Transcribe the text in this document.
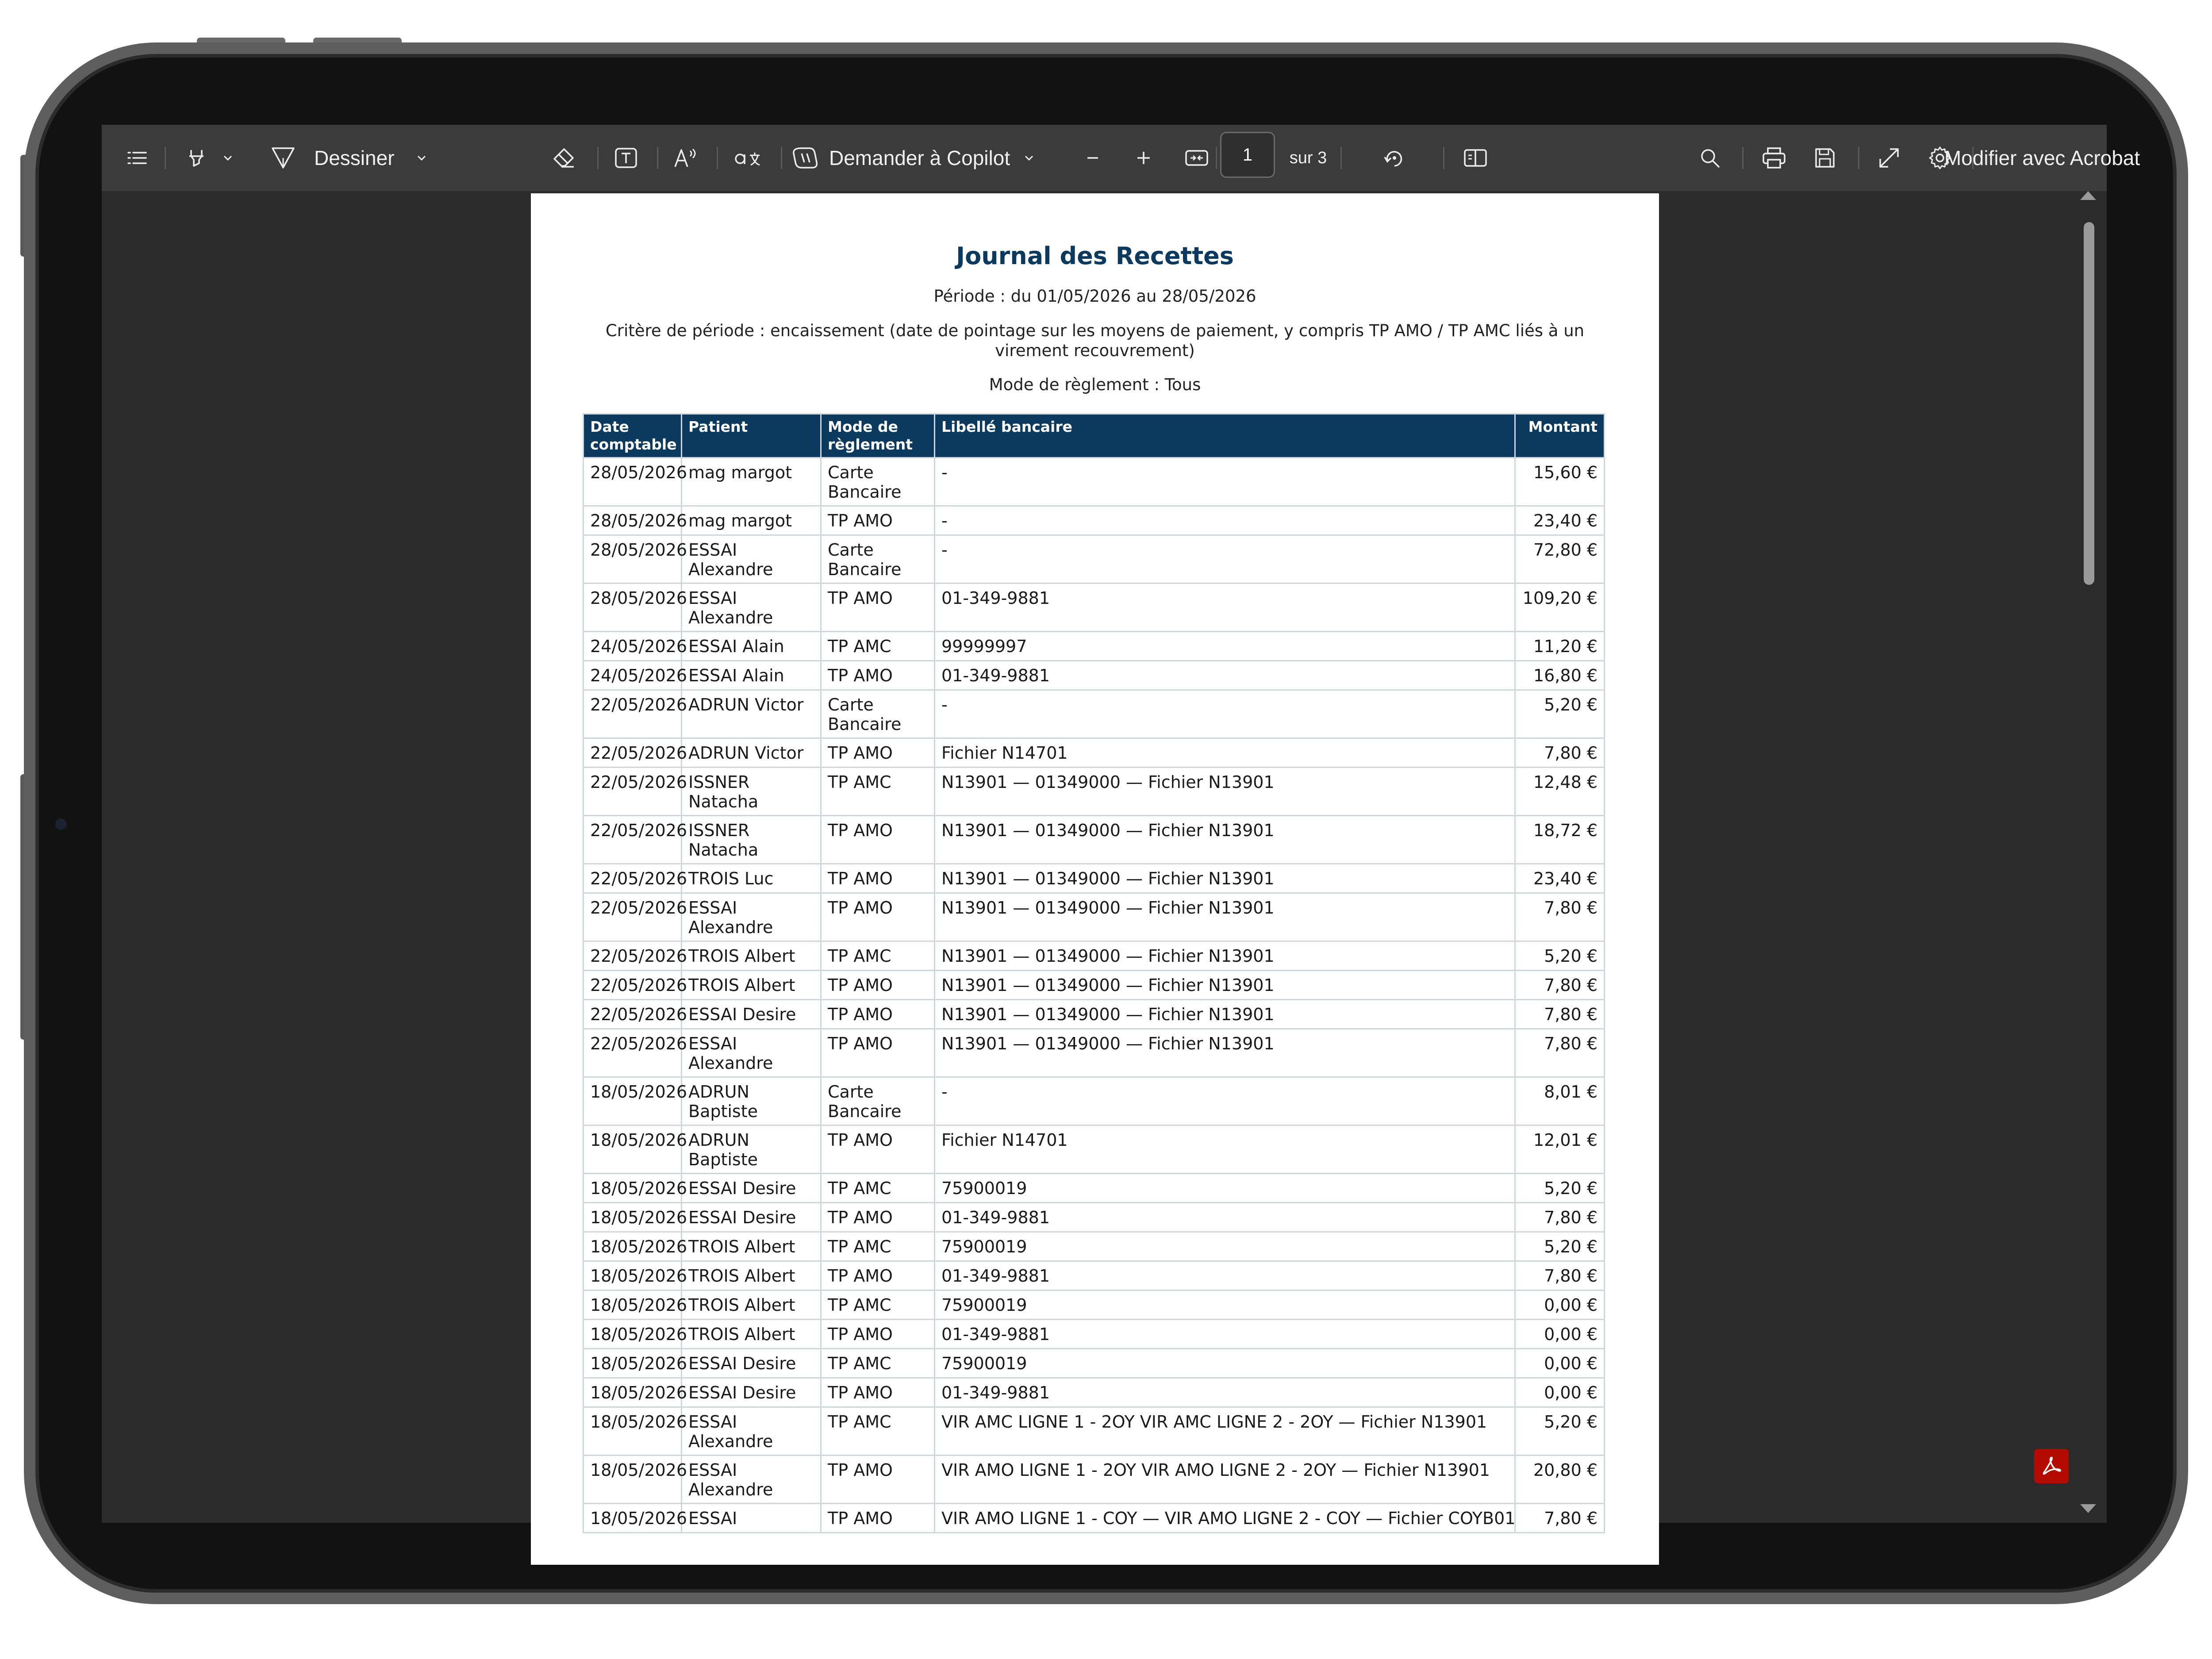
Dessiner	Demander à Copilot	1 sur 3	Modifier avec Acrobat
Journal des Recettes
Période : du 01/05/2026 au 28/05/2026
Critère de période : encaissement (date de pointage sur les moyens de paiement, y compris TP AMO / TP AMC liés à un
virement recouvrement)
Mode de règlement : Tous
Date comptable	Patient	Mode de règlement	Libellé bancaire	Montant
28/05/2026	mag margot	Carte Bancaire	-	15,60 €
28/05/2026	mag margot	TP AMO	-	23,40 €
28/05/2026	ESSAI Alexandre	Carte Bancaire	-	72,80 €
28/05/2026	ESSAI Alexandre	TP AMO	01-349-9881	109,20 €
24/05/2026	ESSAI Alain	TP AMC	99999997	11,20 €
24/05/2026	ESSAI Alain	TP AMO	01-349-9881	16,80 €
22/05/2026	ADRUN Victor	Carte Bancaire	-	5,20 €
22/05/2026	ADRUN Victor	TP AMO	Fichier N14701	7,80 €
22/05/2026	ISSNER Natacha	TP AMC	N13901 — 01349000 — Fichier N13901	12,48 €
22/05/2026	ISSNER Natacha	TP AMO	N13901 — 01349000 — Fichier N13901	18,72 €
22/05/2026	TROIS Luc	TP AMO	N13901 — 01349000 — Fichier N13901	23,40 €
22/05/2026	ESSAI Alexandre	TP AMO	N13901 — 01349000 — Fichier N13901	7,80 €
22/05/2026	TROIS Albert	TP AMC	N13901 — 01349000 — Fichier N13901	5,20 €
22/05/2026	TROIS Albert	TP AMO	N13901 — 01349000 — Fichier N13901	7,80 €
22/05/2026	ESSAI Desire	TP AMO	N13901 — 01349000 — Fichier N13901	7,80 €
22/05/2026	ESSAI Alexandre	TP AMO	N13901 — 01349000 — Fichier N13901	7,80 €
18/05/2026	ADRUN Baptiste	Carte Bancaire	-	8,01 €
18/05/2026	ADRUN Baptiste	TP AMO	Fichier N14701	12,01 €
18/05/2026	ESSAI Desire	TP AMC	75900019	5,20 €
18/05/2026	ESSAI Desire	TP AMO	01-349-9881	7,80 €
18/05/2026	TROIS Albert	TP AMC	75900019	5,20 €
18/05/2026	TROIS Albert	TP AMO	01-349-9881	7,80 €
18/05/2026	TROIS Albert	TP AMC	75900019	0,00 €
18/05/2026	TROIS Albert	TP AMO	01-349-9881	0,00 €
18/05/2026	ESSAI Desire	TP AMC	75900019	0,00 €
18/05/2026	ESSAI Desire	TP AMO	01-349-9881	0,00 €
18/05/2026	ESSAI Alexandre	TP AMC	VIR AMC LIGNE 1 - 2OY VIR AMC LIGNE 2 - 2OY — Fichier N13901	5,20 €
18/05/2026	ESSAI Alexandre	TP AMO	VIR AMO LIGNE 1 - 2OY VIR AMO LIGNE 2 - 2OY — Fichier N13901	20,80 €
18/05/2026	ESSAI	TP AMO	VIR AMO LIGNE 1 - COY — VIR AMO LIGNE 2 - COY — Fichier COYB01	7,80 €
